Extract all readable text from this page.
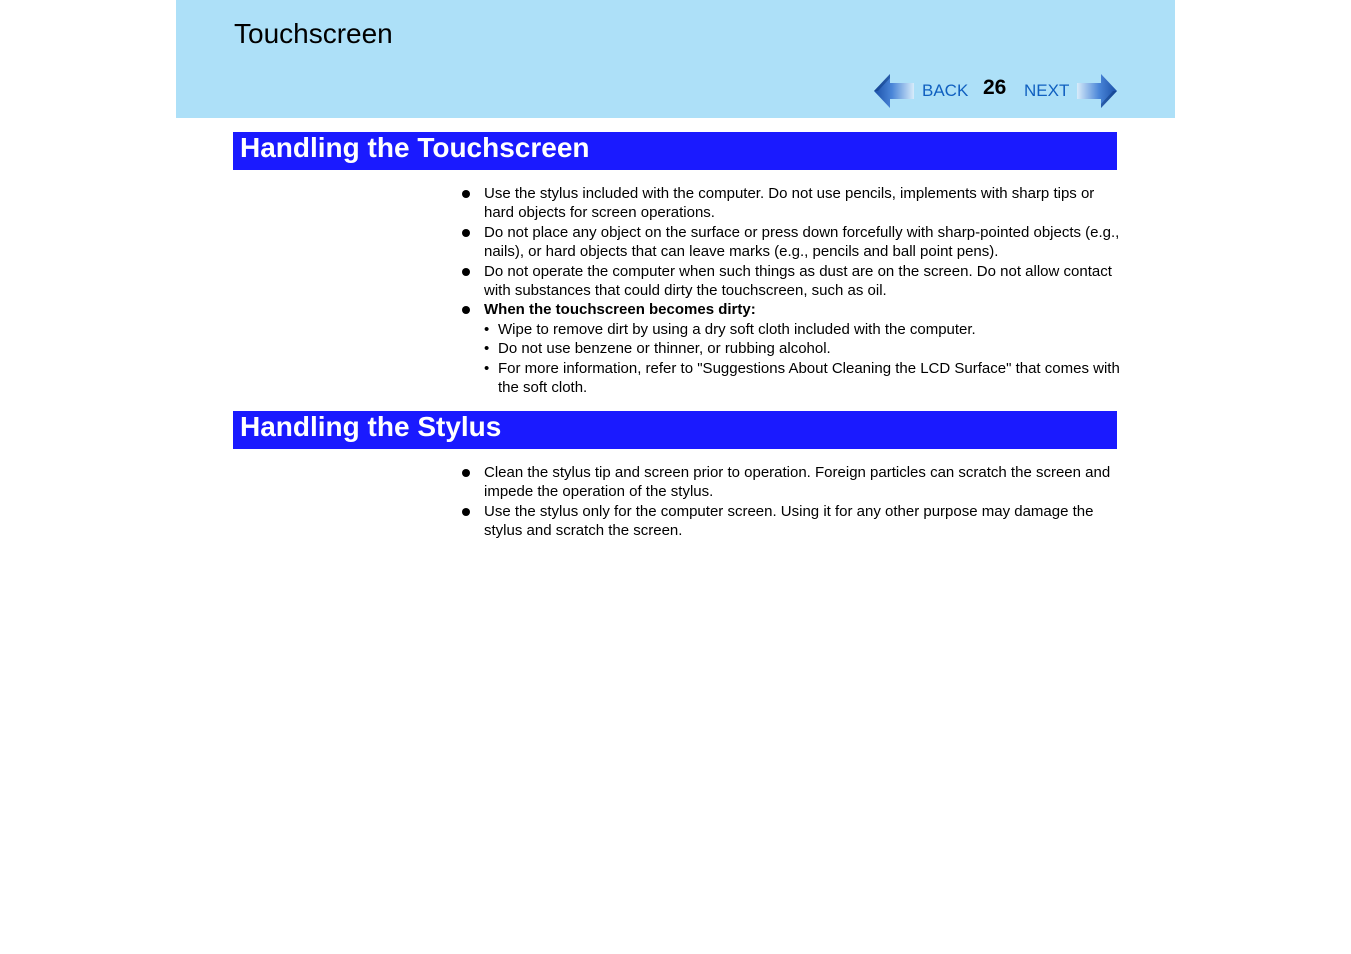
Touchscreen
BACK 26 NEXT
Handling the Touchscreen
Use the stylus included with the computer. Do not use pencils, implements with sharp tips or hard objects for screen operations.
Do not place any object on the surface or press down forcefully with sharp-pointed objects (e.g., nails), or hard objects that can leave marks (e.g., pencils and ball point pens).
Do not operate the computer when such things as dust are on the screen. Do not allow contact with substances that could dirty the touchscreen, such as oil.
When the touchscreen becomes dirty:
• Wipe to remove dirt by using a dry soft cloth included with the computer.
• Do not use benzene or thinner, or rubbing alcohol.
• For more information, refer to "Suggestions About Cleaning the LCD Surface" that comes with the soft cloth.
Handling the Stylus
Clean the stylus tip and screen prior to operation. Foreign particles can scratch the screen and impede the operation of the stylus.
Use the stylus only for the computer screen. Using it for any other purpose may damage the stylus and scratch the screen.
